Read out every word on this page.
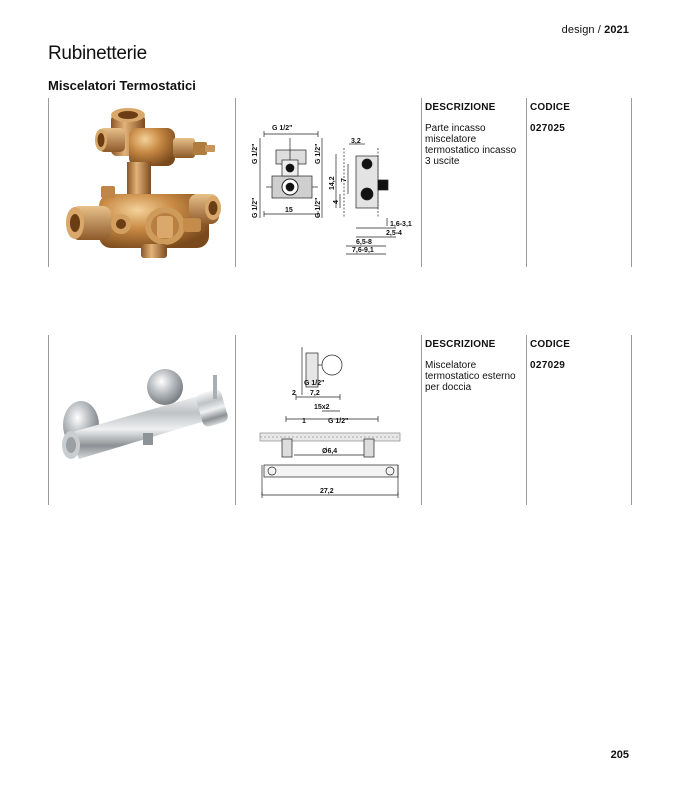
design / 2021
Rubinetterie
Miscelatori Termostatici
G 1/2"
G 1/2"	G 1/2"
G 1/2"	G 1/2"
15
3,2
14,2 7
4
1,6-3,1
2,5-4
6,5-8
7,6-9,1
DESCRIZIONE
Parte incasso miscelatore termostatico incasso 3 uscite
CODICE
027025
G 1/2"
2 7,2
15x2
1	G 1/2"
Ø6,4
27,2
DESCRIZIONE
Miscelatore termostatico esterno per doccia
CODICE
027029
205
